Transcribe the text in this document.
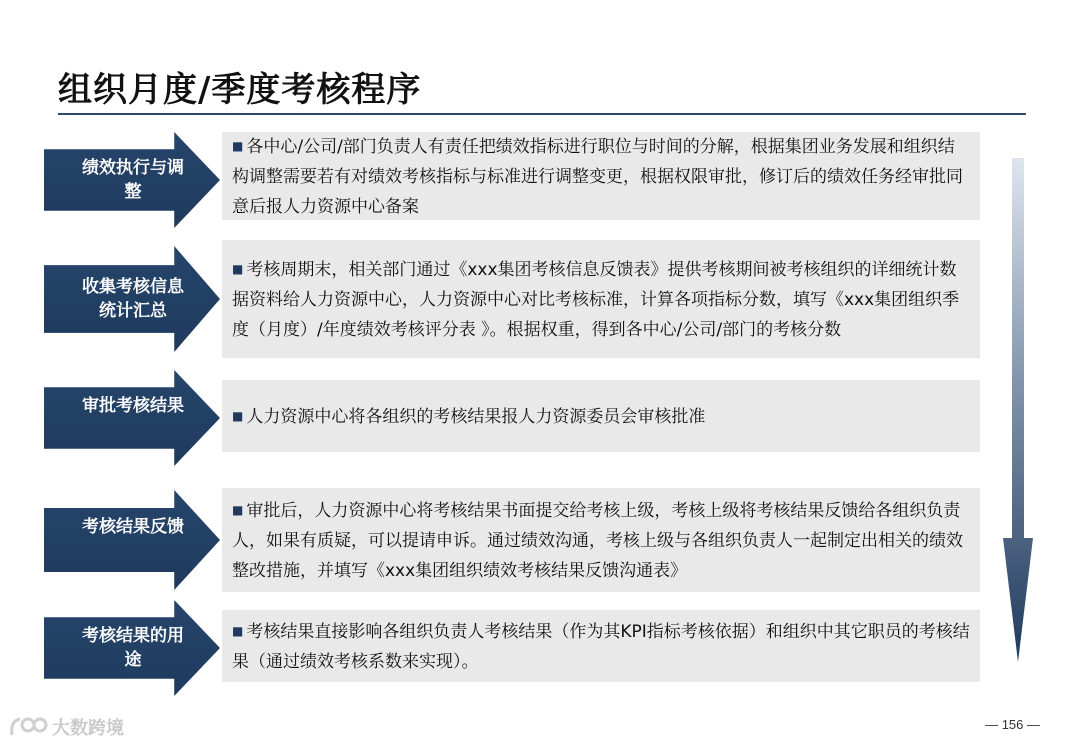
组织月度/季度考核程序
绩效执行与调整
■ 各中心/公司/部门负责人有责任把绩效指标进行职位与时间的分解，根据集团业务发展和组织结构调整需要若有对绩效考核指标与标准进行调整变更，根据权限审批，修订后的绩效任务经审批同意后报人力资源中心备案
收集考核信息统计汇总
■ 考核周期末，相关部门通过《xxx集团考核信息反馈表》提供考核期间被考核组织的详细统计数据资料给人力资源中心，人力资源中心对比考核标准，计算各项指标分数，填写《xxx集团组织季度（月度）/年度绩效考核评分表 》。根据权重，得到各中心/公司/部门的考核分数
审批考核结果	■ 人力资源中心将各组织的考核结果报人力资源委员会审核批准
考核结果反馈
■ 审批后，人力资源中心将考核结果书面提交给考核上级，考核上级将考核结果反馈给各组织负责人，如果有质疑，可以提请申诉。通过绩效沟通，考核上级与各组织负责人一起制定出相关的绩效整改措施，并填写《xxx集团组织绩效考核结果反馈沟通表》
考核结果的用途
■ 考核结果直接影响各组织负责人考核结果（作为其KPI指标考核依据）和组织中其它职员的考核结果（通过绩效考核系数来实现）。
大数跨境	— 156 —
